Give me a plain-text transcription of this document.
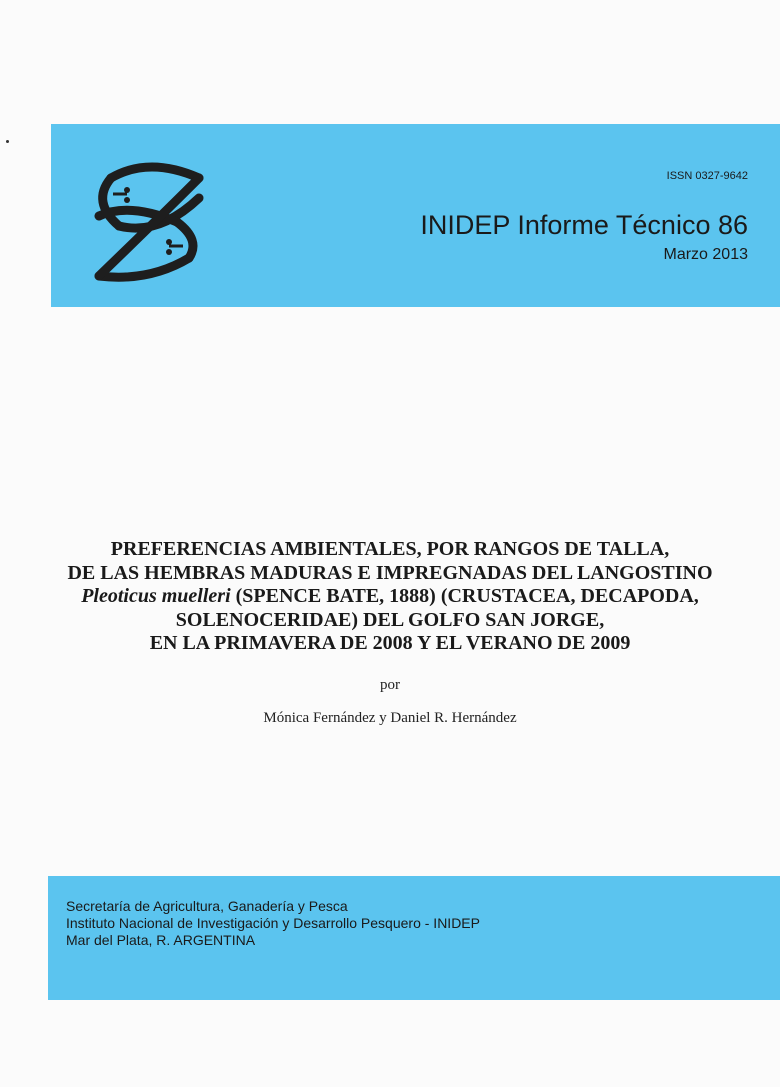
ISSN 0327-9642
INIDEP Informe Técnico 86
Marzo 2013
PREFERENCIAS AMBIENTALES, POR RANGOS DE TALLA,
DE LAS HEMBRAS MADURAS E IMPREGNADAS DEL LANGOSTINO
Pleoticus muelleri (SPENCE BATE, 1888) (CRUSTACEA, DECAPODA,
SOLENOCERIDAE) DEL GOLFO SAN JORGE,
EN LA PRIMAVERA DE 2008 Y EL VERANO DE 2009
por
Mónica Fernández y Daniel R. Hernández
Secretaría de Agricultura, Ganadería y Pesca
Instituto Nacional de Investigación y Desarrollo Pesquero - INIDEP
Mar del Plata, R. ARGENTINA
